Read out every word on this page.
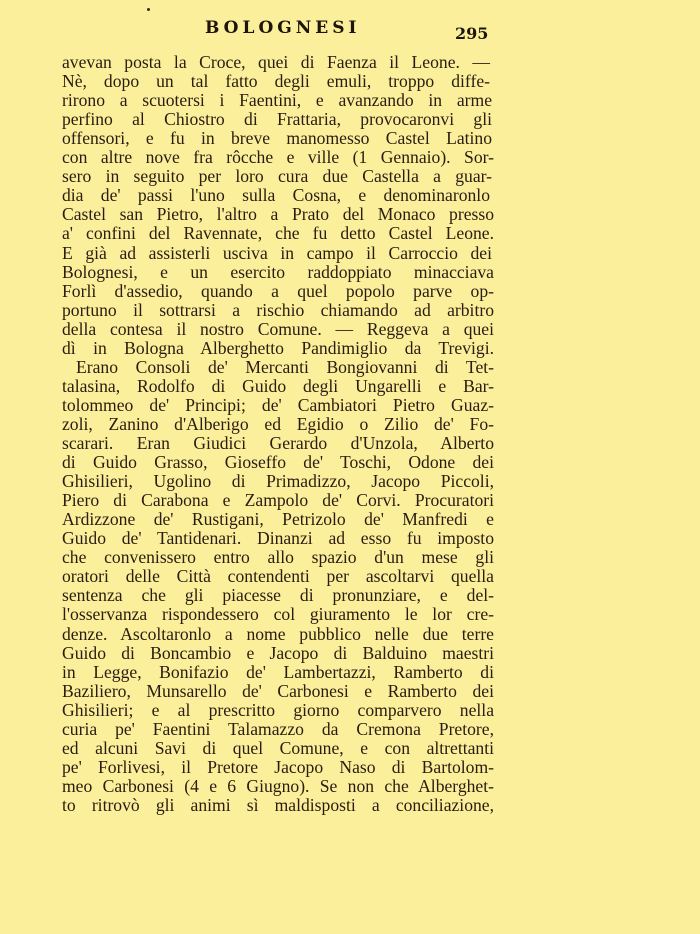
BOLOGNESI	295
avevan posta la Croce, quei di Faenza il Leone. —
Nè, dopo un tal fatto degli emuli, troppo diffe-
rirono a scuotersi i Faentini, e avanzando in arme
perfino al Chiostro di Frattaria, provocaronvi gli
offensori, e fu in breve manomesso Castel Latino
con altre nove fra rôcche e ville (1 Gennaio). Sor-
sero in seguito per loro cura due Castella a guar-
dia de' passi l'uno sulla Cosna, e denominaronlo
Castel san Pietro, l'altro a Prato del Monaco presso
a' confini del Ravennate, che fu detto Castel Leone.
E già ad assisterli usciva in campo il Carroccio dei
Bolognesi, e un esercito raddoppiato minacciava
Forlì d'assedio, quando a quel popolo parve op-
portuno il sottrarsi a rischio chiamando ad arbitro
della contesa il nostro Comune. — Reggeva a quei
dì in Bologna Alberghetto Pandimiglio da Trevigi.
Erano Consoli de' Mercanti Bongiovanni di Tet-
talasina, Rodolfo di Guido degli Ungarelli e Bar-
tolommeo de' Principi; de' Cambiatori Pietro Guaz-
zoli, Zanino d'Alberigo ed Egidio o Zilio de' Fo-
scarari. Eran Giudici Gerardo d'Unzola, Alberto
di Guido Grasso, Gioseffo de' Toschi, Odone dei
Ghisilieri, Ugolino di Primadizzo, Jacopo Piccoli,
Piero di Carabona e Zampolo de' Corvi. Procuratori
Ardizzone de' Rustigani, Petrizolo de' Manfredi e
Guido de' Tantidenari. Dinanzi ad esso fu imposto
che convenissero entro allo spazio d'un mese gli
oratori delle Città contendenti per ascoltarvi quella
sentenza che gli piacesse di pronunziare, e del-
l'osservanza rispondessero col giuramento le lor cre-
denze. Ascoltaronlo a nome pubblico nelle due terre
Guido di Boncambio e Jacopo di Balduino maestri
in Legge, Bonifazio de' Lambertazzi, Ramberto di
Baziliero, Munsarello de' Carbonesi e Ramberto dei
Ghisilieri; e al prescritto giorno comparvero nella
curia pe' Faentini Talamazzo da Cremona Pretore,
ed alcuni Savi di quel Comune, e con altrettanti
pe' Forlivesi, il Pretore Jacopo Naso di Bartolom-
meo Carbonesi (4 e 6 Giugno). Se non che Alberghet-
to ritrovò gli animi sì maldisposti a conciliazione,
